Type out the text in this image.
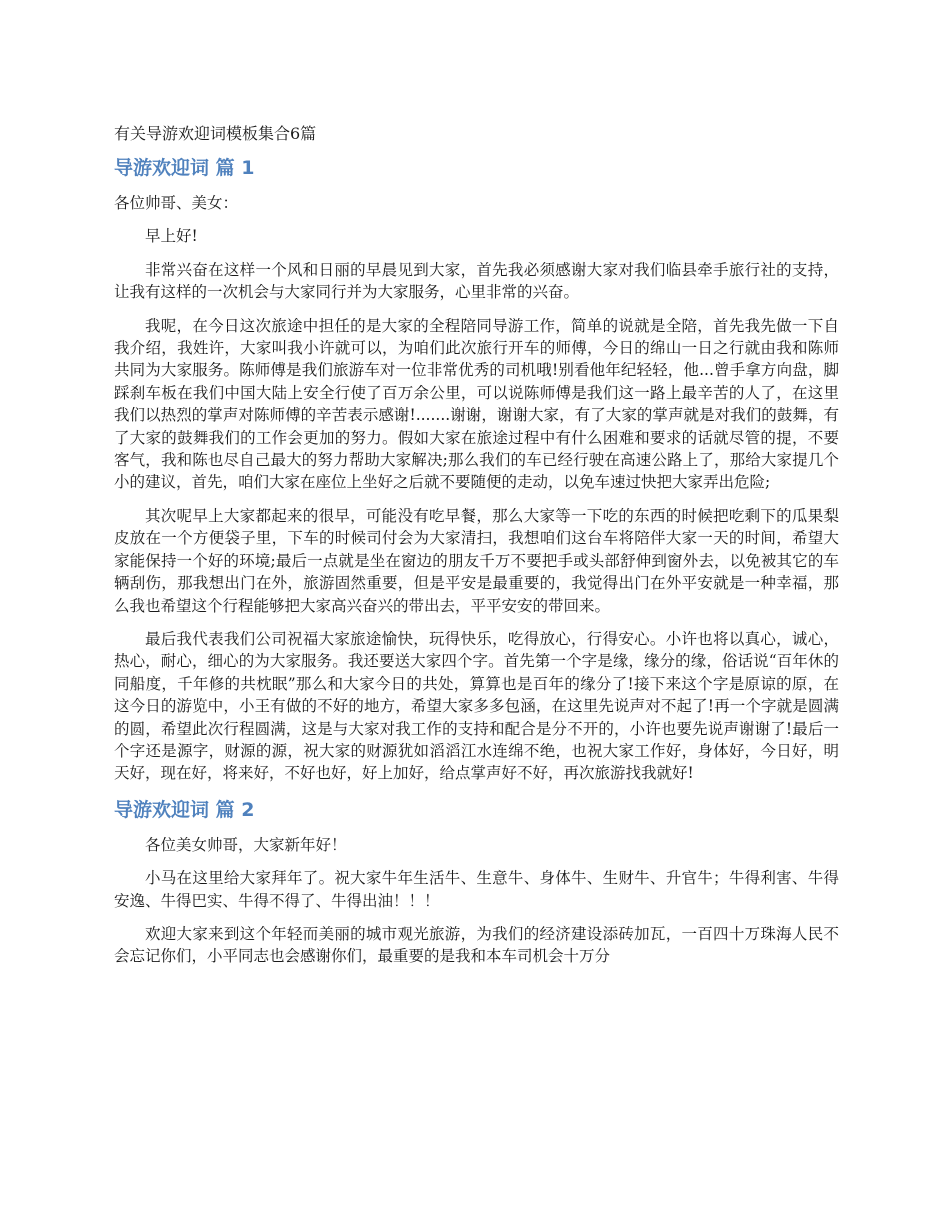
有关导游欢迎词模板集合6篇
导游欢迎词 篇 1

各位帅哥、美女：

早上好!

非常兴奋在这样一个风和日丽的早晨见到大家，首先我必须感谢大家对我们临县牵手旅行社的支持，让我有这样的一次机会与大家同行并为大家服务，心里非常的兴奋。

我呢，在今日这次旅途中担任的是大家的全程陪同导游工作，简单的说就是全陪，首先我先做一下自我介绍，我姓许，大家叫我小许就可以，为咱们此次旅行开车的师傅，今日的绵山一日之行就由我和陈师共同为大家服务。陈师傅是我们旅游车对一位非常优秀的司机哦!别看他年纪轻轻，他...曾手拿方向盘，脚踩刹车板在我们中国大陆上安全行使了百万余公里，可以说陈师傅是我们这一路上最辛苦的人了，在这里我们以热烈的掌声对陈师傅的辛苦表示感谢!.......谢谢，谢谢大家，有了大家的掌声就是对我们的鼓舞，有了大家的鼓舞我们的工作会更加的努力。假如大家在旅途过程中有什么困难和要求的话就尽管的提，不要客气，我和陈也尽自己最大的努力帮助大家解决;那么我们的车已经行驶在高速公路上了，那给大家提几个小的建议，首先，咱们大家在座位上坐好之后就不要随便的走动，以免车速过快把大家弄出危险;

其次呢早上大家都起来的很早，可能没有吃早餐，那么大家等一下吃的东西的时候把吃剩下的瓜果梨皮放在一个方便袋子里，下车的时候司付会为大家清扫，我想咱们这台车将陪伴大家一天的时间，希望大家能保持一个好的环境;最后一点就是坐在窗边的朋友千万不要把手或头部舒伸到窗外去，以免被其它的车辆刮伤，那我想出门在外，旅游固然重要，但是平安是最重要的，我觉得出门在外平安就是一种幸福，那么我也希望这个行程能够把大家高兴奋兴的带出去，平平安安的带回来。

最后我代表我们公司祝福大家旅途愉快，玩得快乐，吃得放心，行得安心。小许也将以真心，诚心，热心，耐心，细心的为大家服务。我还要送大家四个字。首先第一个字是缘，缘分的缘，俗话说“百年休的同船度，千年修的共枕眠”那么和大家今日的共处，算算也是百年的缘分了!接下来这个字是原谅的原，在这今日的游览中，小王有做的不好的地方，希望大家多多包涵，在这里先说声对不起了!再一个字就是圆满的圆，希望此次行程圆满，这是与大家对我工作的支持和配合是分不开的，小许也要先说声谢谢了!最后一个字还是源字，财源的源，祝大家的财源犹如滔滔江水连绵不绝，也祝大家工作好，身体好，今日好，明天好，现在好，将来好，不好也好，好上加好，给点掌声好不好，再次旅游找我就好!

导游欢迎词 篇 2

各位美女帅哥，大家新年好！

小马在这里给大家拜年了。祝大家牛年生活牛、生意牛、身体牛、生财牛、升官牛；牛得利害、牛得安逸、牛得巴实、牛得不得了、牛得出油！！！

欢迎大家来到这个年轻而美丽的城市观光旅游，为我们的经济建设添砖加瓦，一百四十万珠海人民不会忘记你们，小平同志也会感谢你们，最重要的是我和本车司机会十万分
